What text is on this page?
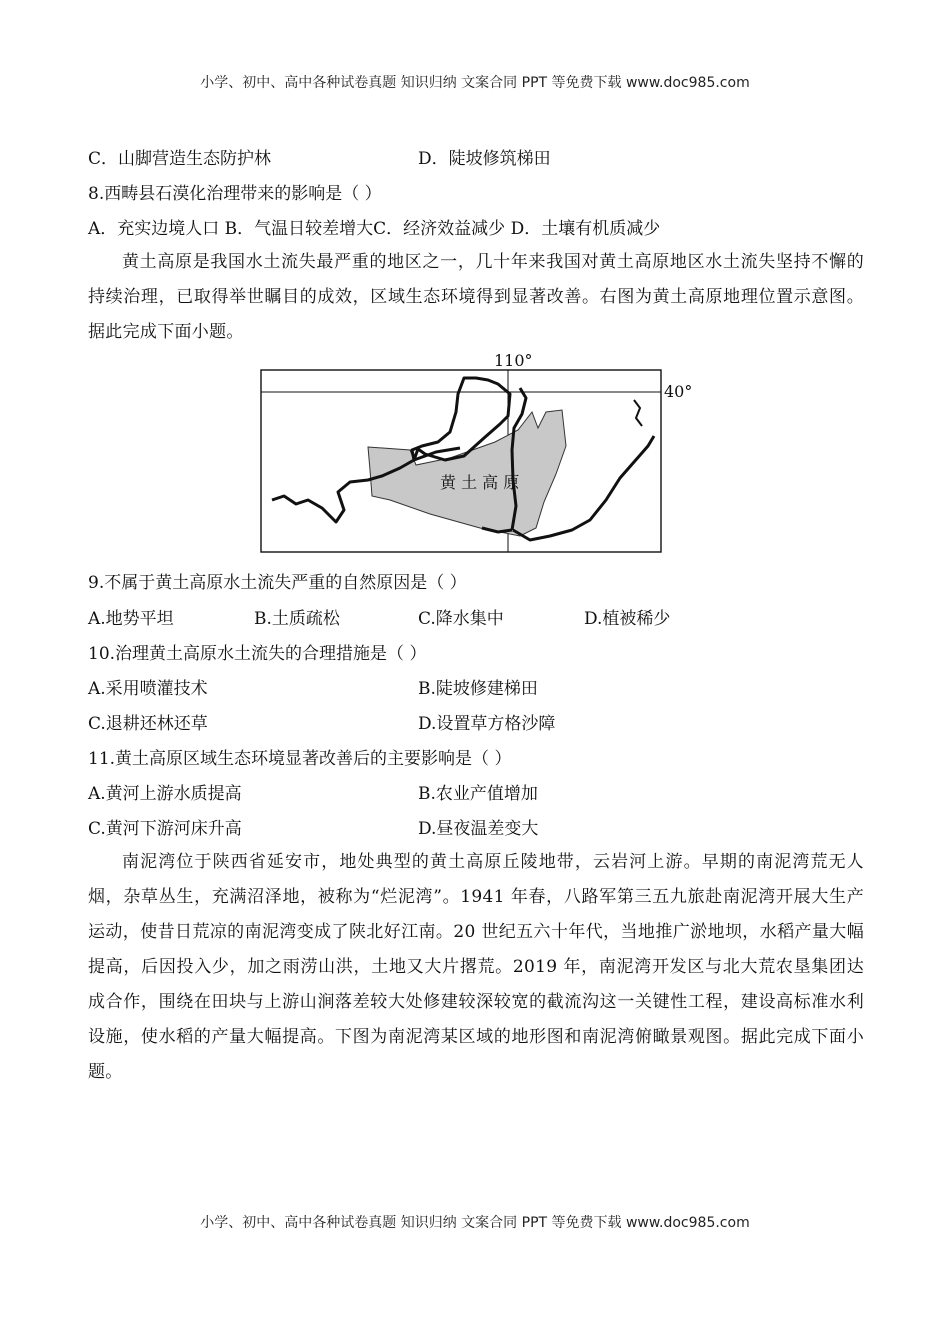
小学、初中、高中各种试卷真题 知识归纳 文案合同 PPT 等免费下载 www.doc985.com
C．山脚营造生态防护林	D．陡坡修筑梯田
8.西畴县石漠化治理带来的影响是（ ）
A．充实边境人口 B．气温日较差增大C．经济效益减少 D．土壤有机质减少
黄土高原是我国水土流失最严重的地区之一，几十年来我国对黄土高原地区水土流失坚持不懈的持续治理，已取得举世瞩目的成效，区域生态环境得到显著改善。右图为黄土高原地理位置示意图。据此完成下面小题。
110°
40°
黄 土 高 原
9.不属于黄土高原水土流失严重的自然原因是（ ）
A.地势平坦	B.土质疏松	C.降水集中	D.植被稀少
10.治理黄土高原水土流失的合理措施是（ ）
A.采用喷灌技术	B.陡坡修建梯田
C.退耕还林还草	D.设置草方格沙障
11.黄土高原区域生态环境显著改善后的主要影响是（ ）
A.黄河上游水质提高	B.农业产值增加
C.黄河下游河床升高	D.昼夜温差变大
南泥湾位于陕西省延安市，地处典型的黄土高原丘陵地带，云岩河上游。早期的南泥湾荒无人烟，杂草丛生，充满沼泽地，被称为“烂泥湾”。1941 年春，八路军第三五九旅赴南泥湾开展大生产运动，使昔日荒凉的南泥湾变成了陕北好江南。20 世纪五六十年代，当地推广淤地坝，水稻产量大幅提高，后因投入少，加之雨涝山洪，土地又大片撂荒。2019 年，南泥湾开发区与北大荒农垦集团达成合作，围绕在田块与上游山涧落差较大处修建较深较宽的截流沟这一关键性工程，建设高标准水利设施，使水稻的产量大幅提高。下图为南泥湾某区域的地形图和南泥湾俯瞰景观图。据此完成下面小题。
小学、初中、高中各种试卷真题 知识归纳 文案合同 PPT 等免费下载 www.doc985.com
